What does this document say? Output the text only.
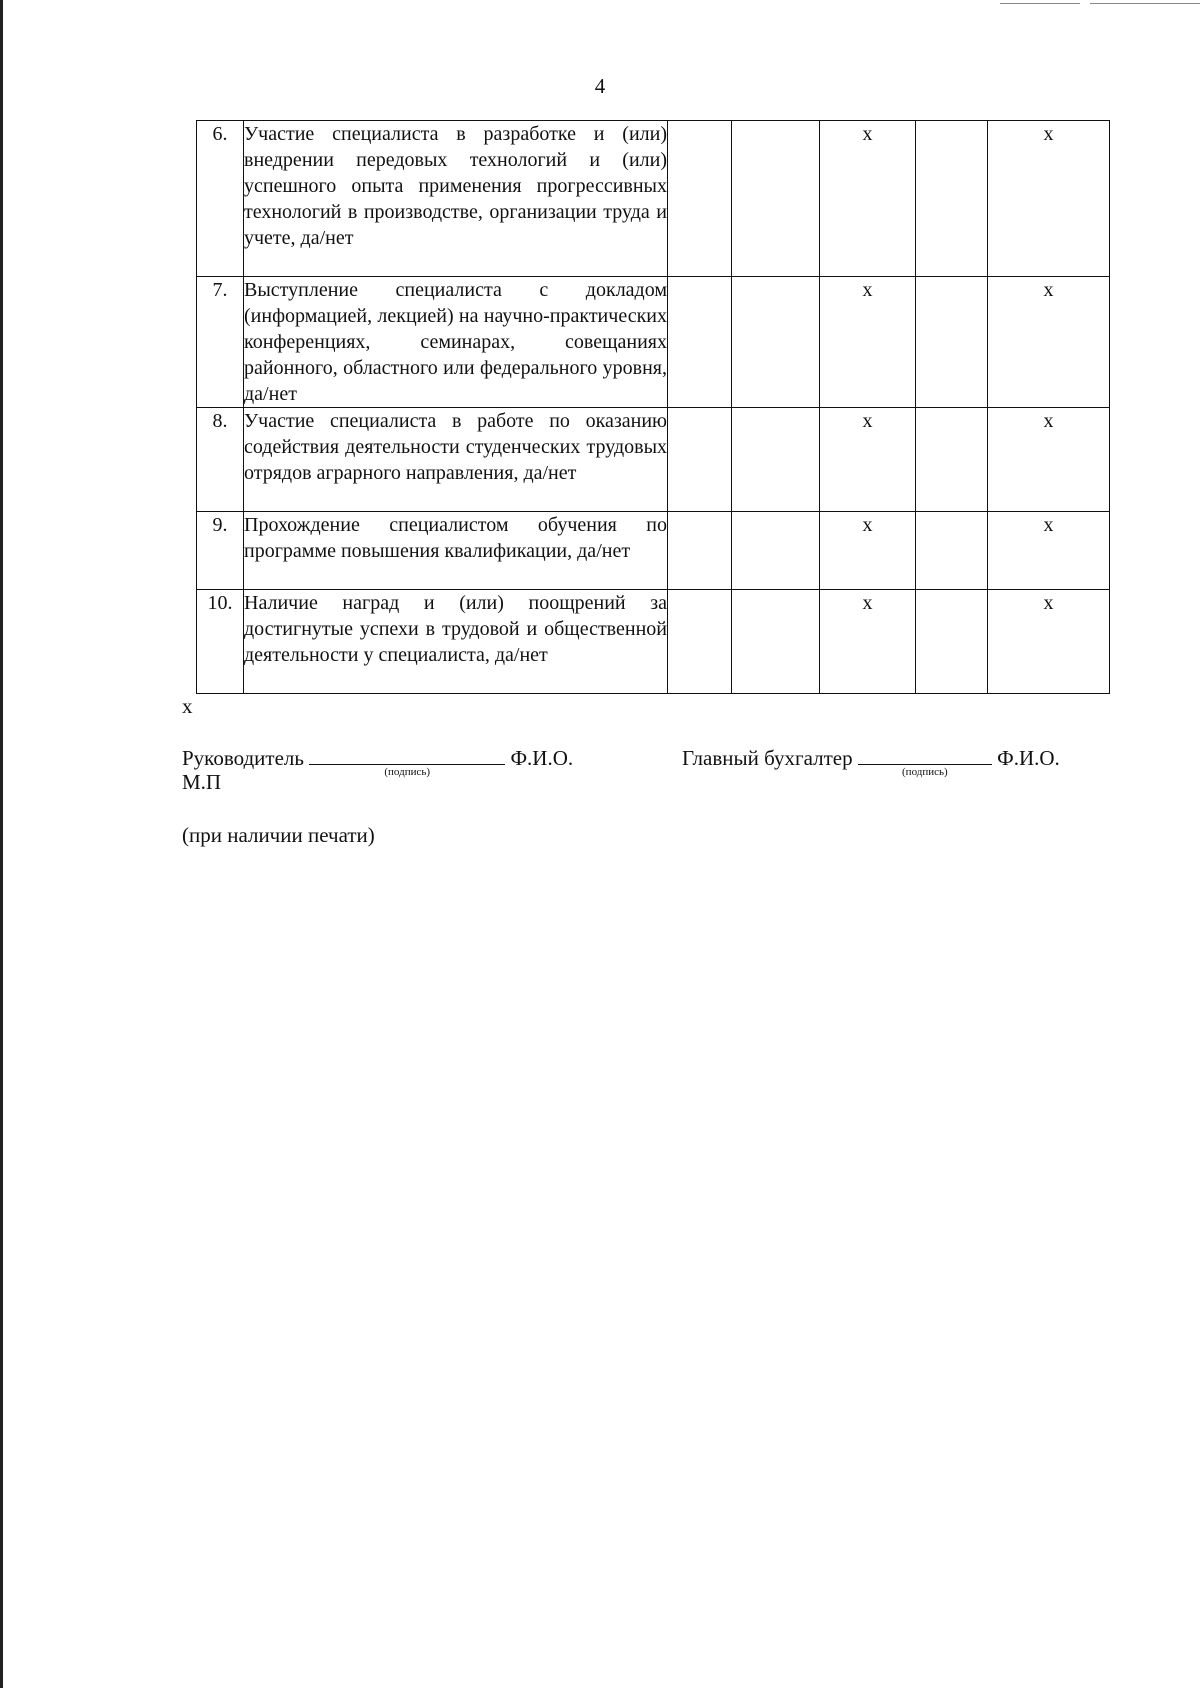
4
6.	Участие специалиста в разработке и (или) внедрении передовых технологий и (или) успешного опыта применения прогрессивных технологий в производстве, организации труда и учете, да/нет			x		x
7.	Выступление специалиста с докладом (информацией, лекцией) на научно-практических конференциях, семинарах, совещаниях районного, областного или федерального уровня, да/нет			x		x
8.	Участие специалиста в работе по оказанию содействия деятельности студенческих трудовых отрядов аграрного направления, да/нет			x		x
9.	Прохождение специалистом обучения по программе повышения квалификации, да/нет			x		x
10.	Наличие наград и (или) поощрений за достигнутые успехи в трудовой и общественной деятельности у специалиста, да/нет			x		x
x
Руководитель
(подпись)
Ф.И.О.	Главный бухгалтер
(подпись)
Ф.И.О.
М.П
(при наличии печати)
